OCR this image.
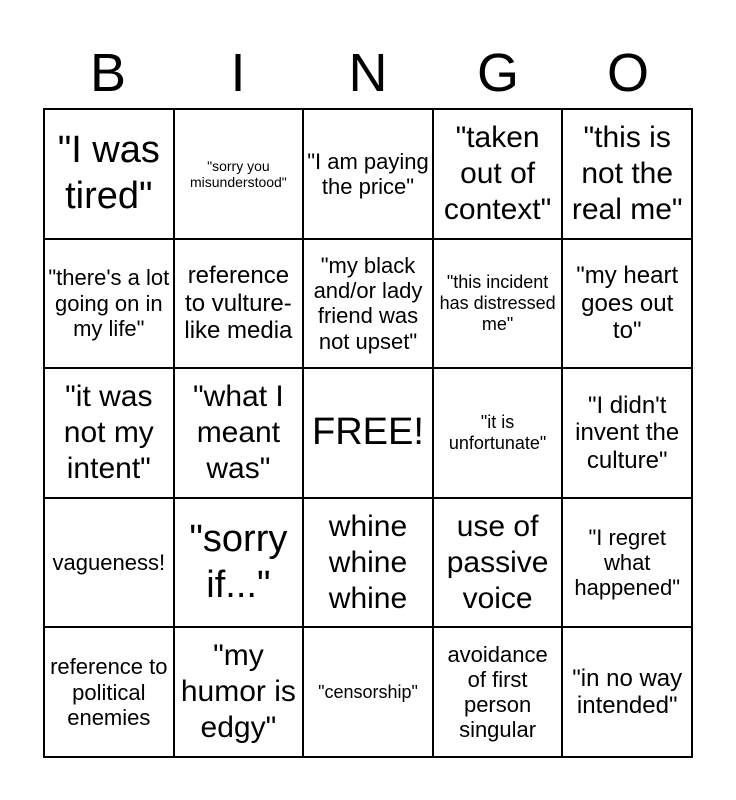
B	I	N	G	O
"I was tired"
"sorry you misunderstood"
"I am paying the price"
"taken out of context"
"this is not the real me"
"there's a lot going on in my life"
reference to vulture-like media
"my black and/or lady friend was not upset"
"this incident has distressed me"
"my heart goes out to"
"it was not my intent"
"what I meant was"
FREE!	"it is unfortunate"
"I didn't invent the culture"
vagueness!
"sorry if..."
whine whine whine
use of passive voice
"I regret what happened"
reference to political enemies
"my humor is edgy"
"censorship"
avoidance of first person singular
"in no way intended"
